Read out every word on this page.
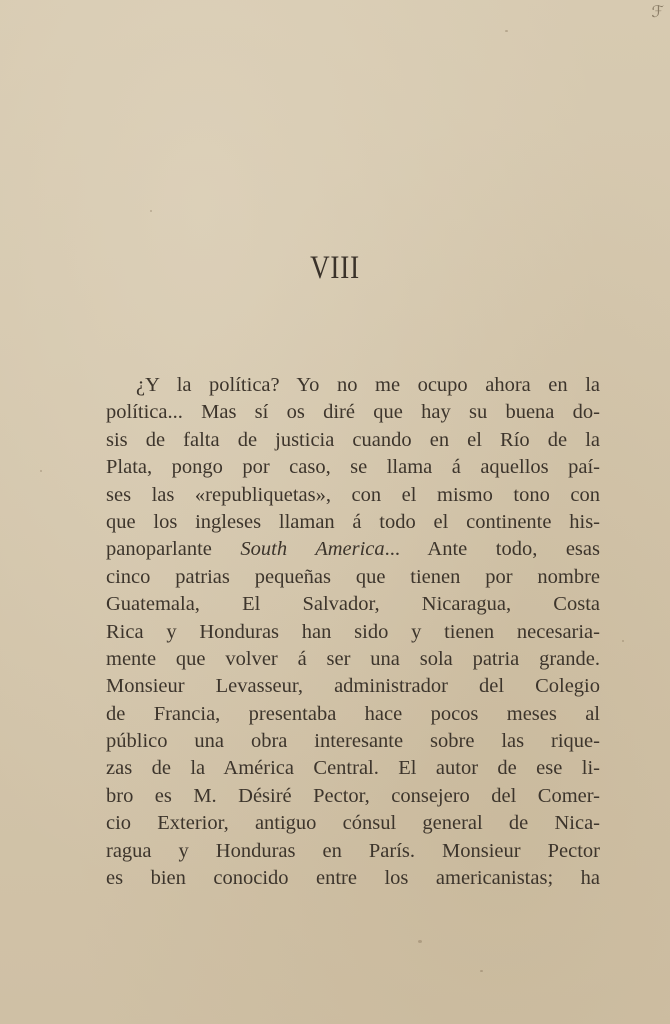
ℱ
VIII
¿Y la política? Yo no me ocupo ahora en la
política... Mas sí os diré que hay su buena do-
sis de falta de justicia cuando en el Río de la
Plata, pongo por caso, se llama á aquellos paí-
ses las «republiquetas», con el mismo tono con
que los ingleses llaman á todo el continente his-
panoparlante South America... Ante todo, esas
cinco patrias pequeñas que tienen por nombre
Guatemala, El Salvador, Nicaragua, Costa
Rica y Honduras han sido y tienen necesaria-
mente que volver á ser una sola patria grande.
Monsieur Levasseur, administrador del Colegio
de Francia, presentaba hace pocos meses al
público una obra interesante sobre las rique-
zas de la América Central. El autor de ese li-
bro es M. Désiré Pector, consejero del Comer-
cio Exterior, antiguo cónsul general de Nica-
ragua y Honduras en París. Monsieur Pector
es bien conocido entre los americanistas; ha
